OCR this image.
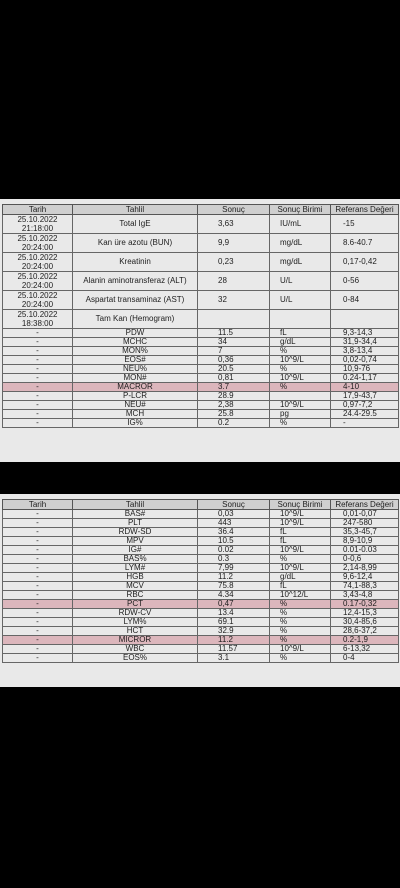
Tarih	Tahlil	Sonuç	Sonuç Birimi	Referans Değeri

25.10.2022
21:18:00	Total IgE	3,63	IU/mL	-15

25.10.2022
20:24:00	Kan üre azotu (BUN)	9,9	mg/dL	8.6-40.7

25.10.2022
20:24:00	Kreatinin	0,23	mg/dL	0,17-0,42

25.10.2022
20:24:00	Alanin aminotransferaz (ALT)	28	U/L	0-56

25.10.2022
20:24:00	Aspartat transaminaz (AST)	32	U/L	0-84

25.10.2022
18:38:00	Tam Kan (Hemogram)			

-	PDW	11.5	fL	9,3-14,3

-	MCHC	34	g/dL	31,9-34,4

-	MON%	7	%	3,8-13,4

-	EOS#	0,36	10^9/L	0,02-0,74

-	NEU%	20.5	%	10,9-76

-	MON#	0,81	10^9/L	0.24-1,17

-	MACROR	3.7	%	4-10

-	P-LCR	28.9		17,9-43,7

-	NEU#	2,38	10^9/L	0,97-7,2

-	MCH	25.8	pg	24.4-29.5

-	IG%	0.2	%	-
Tarih	Tahlil	Sonuç	Sonuç Birimi	Referans Değeri

-	BAS#	0,03	10^9/L	0,01-0,07

-	PLT	443	10^9/L	247-580

-	RDW-SD	36.4	fL	35,3-45,7

-	MPV	10.5	fL	8,9-10,9

-	IG#	0.02	10^9/L	0.01-0.03

-	BAS%	0.3	%	0-0,6

-	LYM#	7,99	10^9/L	2,14-8,99

-	HGB	11.2	g/dL	9,6-12,4

-	MCV	75.8	fL	74,1-88,3

-	RBC	4.34	10^12/L	3,43-4,8

-	PCT	0,47	%	0.17-0,32

-	RDW-CV	13.4	%	12,4-15,3

-	LYM%	69.1	%	30,4-85,6

-	HCT	32.9	%	28,6-37,2

-	MICROR	11.2	%	0.2-1,9

-	WBC	11.57	10^9/L	6-13,32

-	EOS%	3.1	%	0-4
